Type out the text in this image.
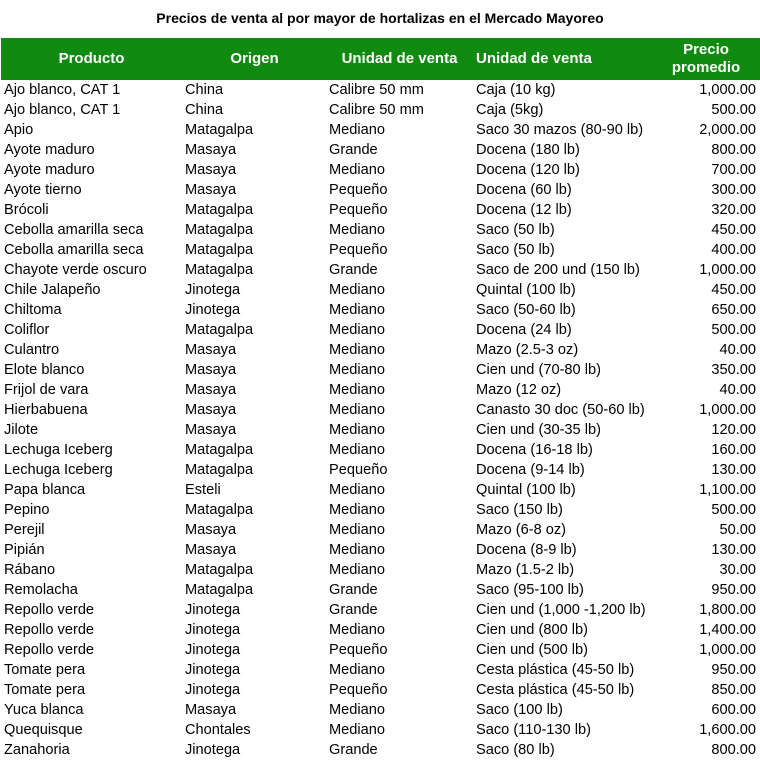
Precios de venta al por mayor de hortalizas en el Mercado Mayoreo
Producto	Origen	Unidad de venta	Unidad de venta	Precio
promedio

Ajo blanco, CAT 1	China	Calibre 50 mm	Caja (10 kg)	1,000.00
Ajo blanco, CAT 1	China	Calibre 50 mm	Caja (5kg)	500.00
Apio	Matagalpa	Mediano	Saco 30 mazos (80-90 lb)	2,000.00
Ayote maduro	Masaya	Grande	Docena (180 lb)	800.00
Ayote maduro	Masaya	Mediano	Docena (120 lb)	700.00
Ayote tierno	Masaya	Pequeño	Docena (60 lb)	300.00
Brócoli	Matagalpa	Pequeño	Docena (12 lb)	320.00
Cebolla amarilla seca	Matagalpa	Mediano	Saco (50 lb)	450.00
Cebolla amarilla seca	Matagalpa	Pequeño	Saco (50 lb)	400.00
Chayote verde oscuro	Matagalpa	Grande	Saco de 200 und (150 lb)	1,000.00
Chile Jalapeño	Jinotega	Mediano	Quintal (100 lb)	450.00
Chiltoma	Jinotega	Mediano	Saco (50-60 lb)	650.00
Coliflor	Matagalpa	Mediano	Docena (24 lb)	500.00
Culantro	Masaya	Mediano	Mazo (2.5-3 oz)	40.00
Elote blanco	Masaya	Mediano	Cien und (70-80 lb)	350.00
Frijol de vara	Masaya	Mediano	Mazo (12 oz)	40.00
Hierbabuena	Masaya	Mediano	Canasto 30 doc (50-60 lb)	1,000.00
Jilote	Masaya	Mediano	Cien und (30-35 lb)	120.00
Lechuga Iceberg	Matagalpa	Mediano	Docena (16-18 lb)	160.00
Lechuga Iceberg	Matagalpa	Pequeño	Docena (9-14 lb)	130.00
Papa blanca	Esteli	Mediano	Quintal (100 lb)	1,100.00
Pepino	Matagalpa	Mediano	Saco (150 lb)	500.00
Perejil	Masaya	Mediano	Mazo (6-8 oz)	50.00
Pipián	Masaya	Mediano	Docena (8-9 lb)	130.00
Rábano	Matagalpa	Mediano	Mazo (1.5-2 lb)	30.00
Remolacha	Matagalpa	Grande	Saco (95-100 lb)	950.00
Repollo verde	Jinotega	Grande	Cien und (1,000 -1,200 lb)	1,800.00
Repollo verde	Jinotega	Mediano	Cien und (800 lb)	1,400.00
Repollo verde	Jinotega	Pequeño	Cien und (500 lb)	1,000.00
Tomate pera	Jinotega	Mediano	Cesta plástica (45-50 lb)	950.00
Tomate pera	Jinotega	Pequeño	Cesta plástica (45-50 lb)	850.00
Yuca blanca	Masaya	Mediano	Saco (100 lb)	600.00
Quequisque	Chontales	Mediano	Saco (110-130 lb)	1,600.00
Zanahoria	Jinotega	Grande	Saco (80 lb)	800.00
